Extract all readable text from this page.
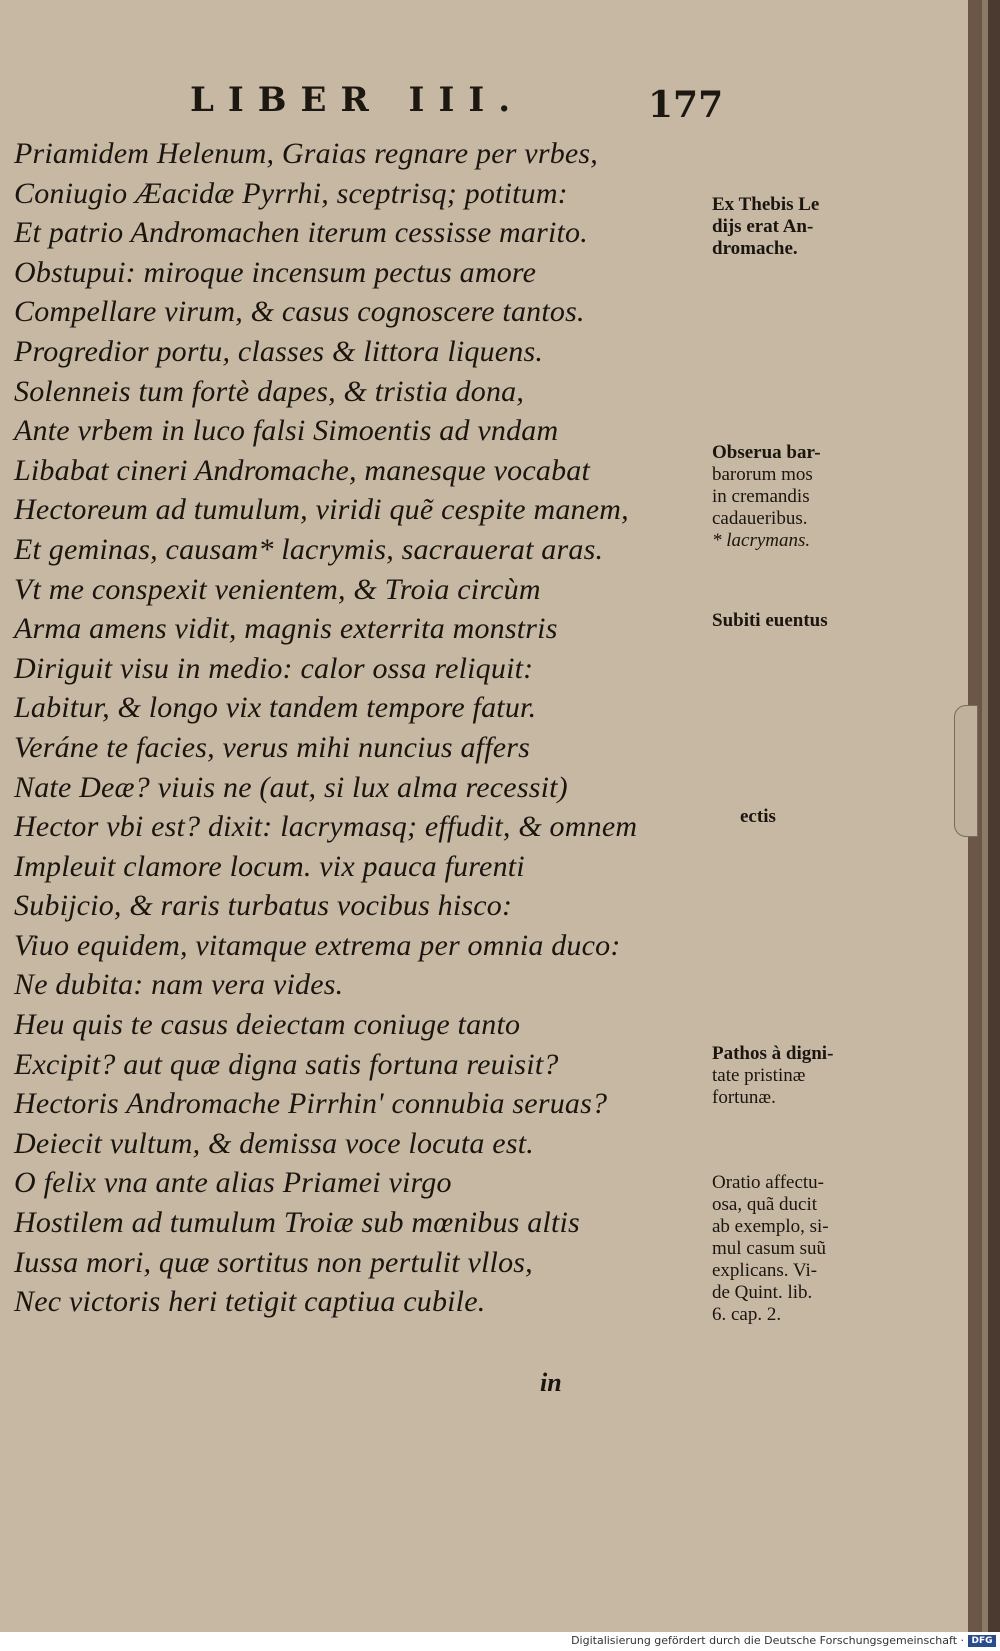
LIBER III.	177
Priamidem Helenum, Graias regnare per vrbes,
Coniugio Æacidæ Pyrrhi, sceptrisq; potitum:
Et patrio Andromachen iterum cessisse marito.
Obstupui: miroque incensum pectus amore
Compellare virum, & casus cognoscere tantos.
Progredior portu, classes & littora liquens.
Solenneis tum fortè dapes, & tristia dona,
Ante vrbem in luco falsi Simoentis ad vndam
Libabat cineri Andromache, manesque vocabat
Hectoreum ad tumulum, viridi quẽ cespite manem,
Et geminas, causam* lacrymis, sacrauerat aras.
Vt me conspexit venientem, & Troia circùm
Arma amens vidit, magnis exterrita monstris
Diriguit visu in medio: calor ossa reliquit:
Labitur, & longo vix tandem tempore fatur.
Veráne te facies, verus mihi nuncius affers
Nate Deæ? viuis ne (aut, si lux alma recessit)
Hector vbi est? dixit: lacrymasq; effudit, & omnem
Impleuit clamore locum. vix pauca furenti
Subijcio, & raris turbatus vocibus hisco:
Viuo equidem, vitamque extrema per omnia duco:
Ne dubita: nam vera vides.
Heu quis te casus deiectam coniuge tanto
Excipit? aut quæ digna satis fortuna reuisit?
Hectoris Andromache Pirrhin' connubia seruas?
Deiecit vultum, & demissa voce locuta est.
O felix vna ante alias Priamei virgo
Hostilem ad tumulum Troiæ sub mœnibus altis
Iussa mori, quæ sortitus non pertulit vllos,
Nec victoris heri tetigit captiua cubile.

Ex Thebis Le

dijs erat An-

dromache.

Obserua bar-

barorum mos

in cremandis

cadaueribus.

* lacrymans.

Subiti euentus

ectis

Pathos à digni-

tate pristinæ

fortunæ.

Oratio affectu-

osa, quã ducit

ab exemplo, si-

mul casum suũ

explicans. Vi-

de Quint. lib.

6. cap. 2.

in
Digitalisierung gefördert durch die Deutsche Forschungsgemeinschaft · DFG
